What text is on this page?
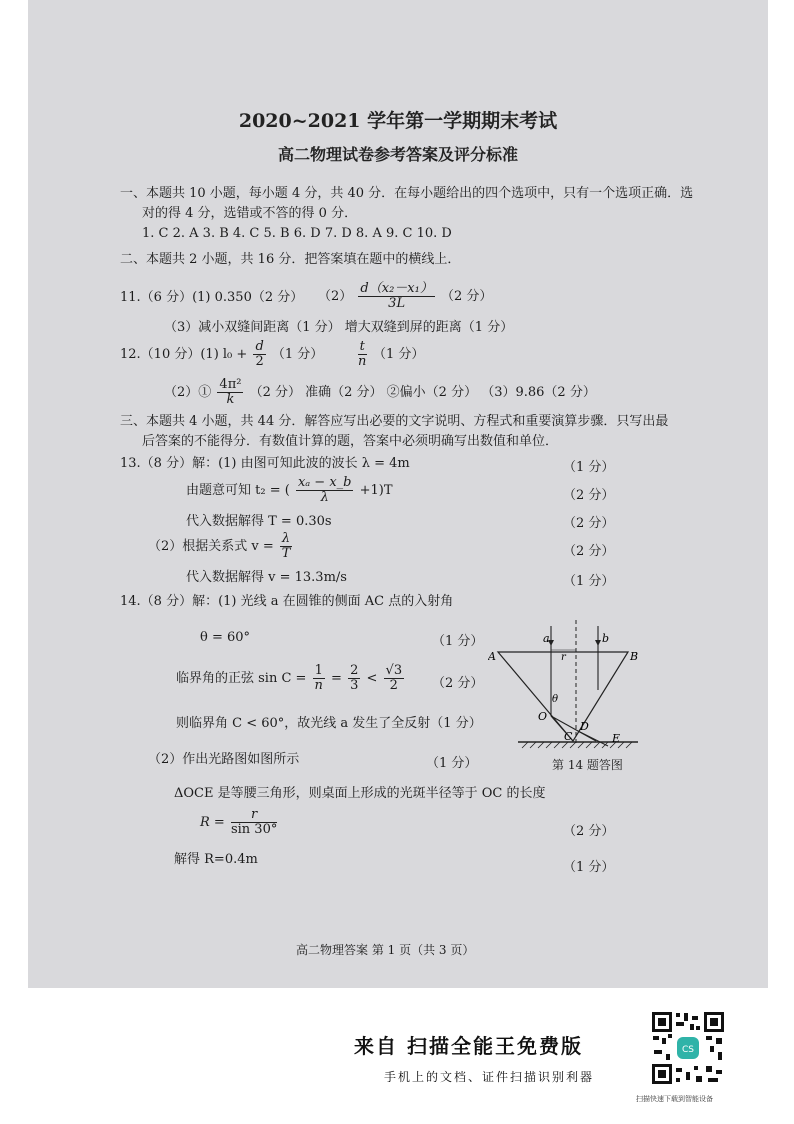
2020~2021 学年第一学期期末考试
高二物理试卷参考答案及评分标准
一、本题共 10 小题，每小题 4 分，共 40 分．在每小题给出的四个选项中，只有一个选项正确．选
对的得 4 分，选错或不答的得 0 分．
1. C 2. A 3. B 4. C 5. B 6. D 7. D 8. A 9. C 10. D
二、本题共 2 小题，共 16 分．把答案填在题中的横线上．
11.（6 分）(1) 0.350（2 分） $(2) \frac{\text{d（x₂－x₁）}}{3L} (2$ 分）
（3）减小双缝间距离（1 分） 增大双缝到屏的距离（1 分）
12.（10 分）(1) $l_0 + \frac{d}{2} (1$ 分）	$\frac{t}{n} (1$ 分）
（2）① $\frac{\text{4π²}}{k} (2$ 分） 准确（2 分） ②偏小（2 分） （3）9.86（2 分）
三、本题共 4 小题，共 44 分．解答应写出必要的文字说明、方程式和重要演算步骤．只写出最
后答案的不能得分．有数值计算的题，答案中必须明确写出数值和单位．
13.（8 分）解：(1) 由图可知此波的波长 λ = 4m	（1 分）
由题意可知 t₂ = ( $\frac{\text{xₐ − x\_b}}{\lambda} +1)T$	（2 分）
代入数据解得 T = 0.30s	（2 分）
（2）根据关系式 $v = \frac{\lambda}{T}$	（2 分）
代入数据解得 v = 13.3m/s	（1 分）
14.（8 分）解：(1) 光线 a 在圆锥的侧面 AC 点的入射角
θ = 60°	（1 分）
临界角的正弦 $\sin C = \frac{1}{n} = \frac{2}{3} < \frac{√3}{2} (2$ 分）
则临界角 C < 60°，故光线 a 发生了全反射（1 分）
（2）作出光路图如图所示	（1 分）
ΔOCE 是等腰三角形，则桌面上形成的光斑半径等于 OC 的长度
$R = \frac{r}{\sin 30^\circ}$	（2 分）
解得 R=0.4m
（1 分）
a	b
r
A	B
θ
O
D
C	E
第 14 题答图
高二物理答案 第 1 页（共 3 页）
来自 扫描全能王免费版
手机上的文档、证件扫描识别利器
CS
扫描快速下载到智能设备
